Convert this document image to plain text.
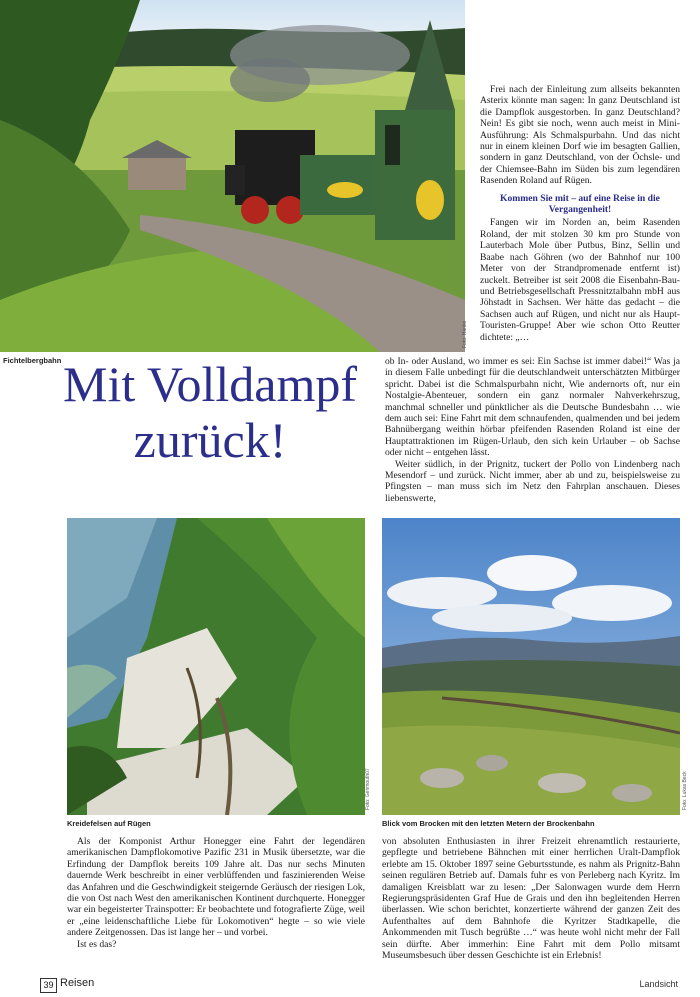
Foto: Hanke
Fichtelbergbahn

Frei nach der Einleitung zum allseits bekannten Asterix könnte man sagen: In ganz Deutschland ist die Dampflok ausgestorben. In ganz Deutschland? Nein! Es gibt sie noch, wenn auch meist in Mini-Ausführung: Als Schmalspurbahn. Und das nicht nur in einem kleinen Dorf wie im besagten Gallien, sondern in ganz Deutschland, von der Öchsle- und der Chiemsee-Bahn im Süden bis zum legendären Rasenden Roland auf Rügen.

Kommen Sie mit – auf eine Reise in die Vergangenheit!

Fangen wir im Norden an, beim Rasenden Roland, der mit stolzen 30 km pro Stunde von Lauterbach Mole über Putbus, Binz, Sellin und Baabe nach Göhren (wo der Bahnhof nur 100 Meter von der Strandpromenade entfernt ist) zuckelt. Betreiber ist seit 2008 die Eisenbahn-Bau- und Betriebsgesellschaft Pressnitztalbahn mbH aus Jöhstadt in Sachsen. Wer hätte das gedacht – die Sachsen auch auf Rügen, und nicht nur als Haupt-Touristen-Gruppe! Aber wie schon Otto Reutter dichtete: „…

Mit Volldampf
zurück!

ob In- oder Ausland, wo immer es sei: Ein Sachse ist immer dabei!“ Was ja in diesem Falle unbedingt für die deutschlandweit unterschätzten Mitbürger spricht. Dabei ist die Schmalspurbahn nicht, Wie andernorts oft, nur ein Nostalgie-Abenteuer, sondern ein ganz normaler Nahverkehrszug, manchmal schneller und pünktlicher als die Deutsche Bundesbahn … wie dem auch sei: Eine Fahrt mit dem schnaufenden, qualmenden und bei jedem Bahnübergang weithin hörbar pfeifenden Rasenden Roland ist eine der Hauptattraktionen im Rügen-Urlaub, den sich kein Urlauber – ob Sachse oder nicht – entgehen lässt.

Weiter südlich, in der Prignitz, tuckert der Pollo von Lindenberg nach Mesendorf – und zurück. Nicht immer, aber ab und zu, beispielsweise zu Pfingsten – man muss sich im Netz den Fahrplan anschauen. Dieses liebenswerte,

Foto: Genmouth07
Kreidefelsen auf Rügen
Foto: Lukas Beck
Blick vom Brocken mit den letzten Metern der Brockenbahn

Als der Komponist Arthur Honegger eine Fahrt der legendären amerikanischen Dampflokomotive Pazific 231 in Musik übersetzte, war die Erfindung der Dampflok bereits 109 Jahre alt. Das nur sechs Minuten dauernde Werk beschreibt in einer verblüffenden und faszinierenden Weise das Anfahren und die Geschwindigkeit steigernde Geräusch der riesigen Lok, die von Ost nach West den amerikanischen Kontinent durchquerte. Honegger war ein begeisterter Trainspotter: Er beobachtete und fotografierte Züge, weil er „eine leidenschaftliche Liebe für Lokomotiven“ hegte – so wie viele andere Zeitgenossen. Das ist lange her – und vorbei.

Ist es das?

von absoluten Enthusiasten in ihrer Freizeit ehrenamtlich restaurierte, gepflegte und betriebene Bähnchen mit einer herrlichen Uralt-Dampflok erlebte am 15. Oktober 1897 seine Geburtsstunde, es nahm als Prignitz-Bahn seinen regulären Betrieb auf. Damals fuhr es von Perleberg nach Kyritz. Im damaligen Kreisblatt war zu lesen: „Der Salonwagen wurde dem Herrn Regierungspräsidenten Graf Hue de Grais und den ihn begleitenden Herren überlassen. Wie schon berichtet, konzertierte während der ganzen Zeit des Aufenthaltes auf dem Bahnhofe die Kyritzer Stadtkapelle, die Ankommenden mit Tusch begrüßte …“ was heute wohl nicht mehr der Fall sein dürfte. Aber immerhin: Eine Fahrt mit dem Pollo mitsamt Museumsbesuch über dessen Geschichte ist ein Erlebnis!

39 Reisen	Landsicht
